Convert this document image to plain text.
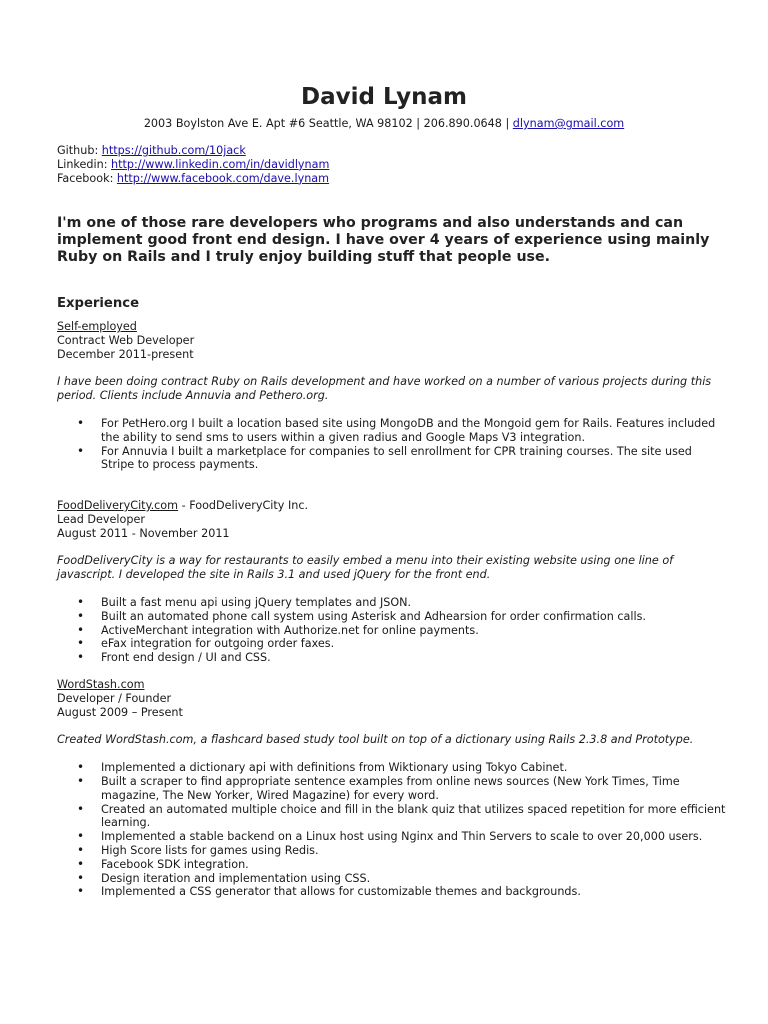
David Lynam
2003 Boylston Ave E. Apt #6 Seattle, WA 98102 | 206.890.0648 | dlynam@gmail.com
Github: https://github.com/10jack
Linkedin: http://www.linkedin.com/in/davidlynam
Facebook: http://www.facebook.com/dave.lynam
I'm one of those rare developers who programs and also understands and can implement good front end design. I have over 4 years of experience using mainly Ruby on Rails and I truly enjoy building stuff that people use.
Experience
Self-employed
Contract Web Developer
December 2011-present
I have been doing contract Ruby on Rails development and have worked on a number of various projects during this period. Clients include Annuvia and Pethero.org.
• For PetHero.org I built a location based site using MongoDB and the Mongoid gem for Rails. Features included the ability to send sms to users within a given radius and Google Maps V3 integration.
• For Annuvia I built a marketplace for companies to sell enrollment for CPR training courses. The site used Stripe to process payments.
FoodDeliveryCity.com - FoodDeliveryCity Inc.
Lead Developer
August 2011 - November 2011
FoodDeliveryCity is a way for restaurants to easily embed a menu into their existing website using one line of javascript. I developed the site in Rails 3.1 and used jQuery for the front end.
• Built a fast menu api using jQuery templates and JSON.
• Built an automated phone call system using Asterisk and Adhearsion for order confirmation calls.
• ActiveMerchant integration with Authorize.net for online payments.
• eFax integration for outgoing order faxes.
• Front end design / UI and CSS.
WordStash.com
Developer / Founder
August 2009 – Present
Created WordStash.com, a flashcard based study tool built on top of a dictionary using Rails 2.3.8 and Prototype.
• Implemented a dictionary api with definitions from Wiktionary using Tokyo Cabinet.
• Built a scraper to find appropriate sentence examples from online news sources (New York Times, Time magazine, The New Yorker, Wired Magazine) for every word.
• Created an automated multiple choice and fill in the blank quiz that utilizes spaced repetition for more efficient learning.
• Implemented a stable backend on a Linux host using Nginx and Thin Servers to scale to over 20,000 users.
• High Score lists for games using Redis.
• Facebook SDK integration.
• Design iteration and implementation using CSS.
• Implemented a CSS generator that allows for customizable themes and backgrounds.
